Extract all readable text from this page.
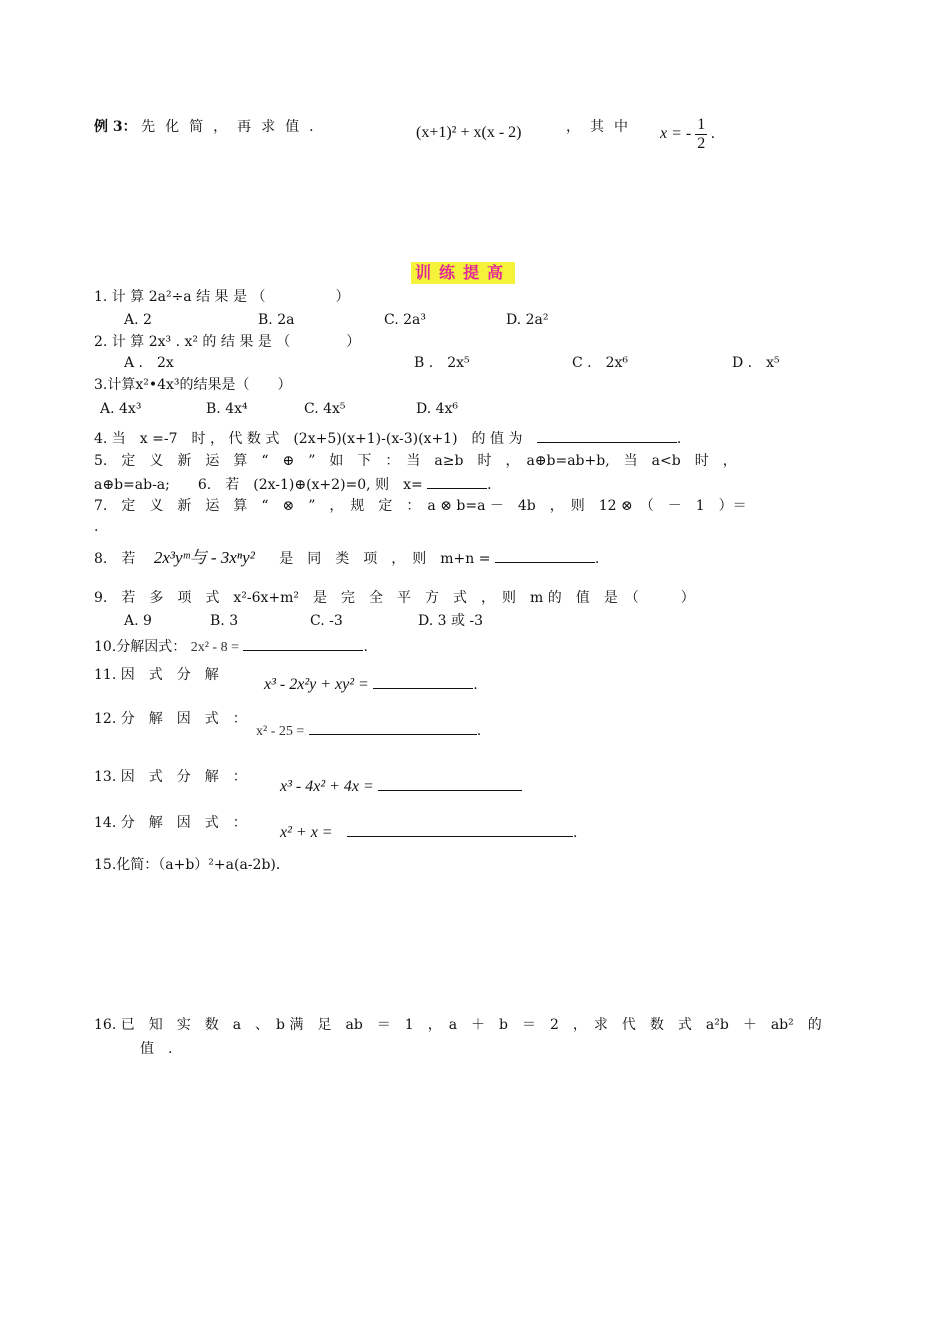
例 3： 先化简，再求值．	(x+1)² + x(x - 2)	，其中 x = - $\frac{1}{2}$ .
训练提高
1. 计 算 2a²÷a 结 果 是 （　　　　　）
A. 2	B. 2a	C. 2a³	D. 2a²
2. 计 算 2x³ . x² 的 结 果 是 （　　　　）
A .　2x	B .　2x⁵	C .　2x⁶	D .　x⁵
3.计算x²•4x³的结果是（　　）
A. 4x³	B. 4x⁴	C. 4x⁵	D. 4x⁶
4. 当　x =-7　时 ， 代 数 式　(2x+5)(x+1)-(x-3)(x+1)　的 值 为	.
5.　定　义　新　运　算　“　⊕　”　如　下　：　当　a≥b　时　，　a⊕b=ab+b,　当　a<b　时　，
a⊕b=ab-a;　　6.　若　(2x-1)⊕(x+2)=0, 则　x=	．
7.　定　义　新　运　算　“　⊗　”　，　规　定　：　a ⊗ b=a －　4b　，　则　12 ⊗　（　－　1　）＝
.
8.　若 2x³yᵐ与 - 3xⁿy² 是　同　类　项　，　则　m+n =	.
9.　若　多　项　式　x²-6x+m²　是　完　全　平　方　式　，　则　m 的　值　是　（　　　）
A. 9	B. 3	C. -3	D. 3 或 -3
10.分解因式： 2x² - 8 =	.
11. 因　式　分　解
x³ - 2x²y + xy² =	.
12. 分　解　因　式　：
x² - 25 =	.
13. 因　式　分　解　：
x³ - 4x² + 4x =
14. 分　解　因　式　：
x² + x =	.
15.化简：（a+b）²+a(a-2b)．
16. 已　知　实　数　a　、　b 满　足　ab　＝　1　，　a　＋　b　＝　2　，　求　代　数　式　a²b　＋　ab²　的
值　.
